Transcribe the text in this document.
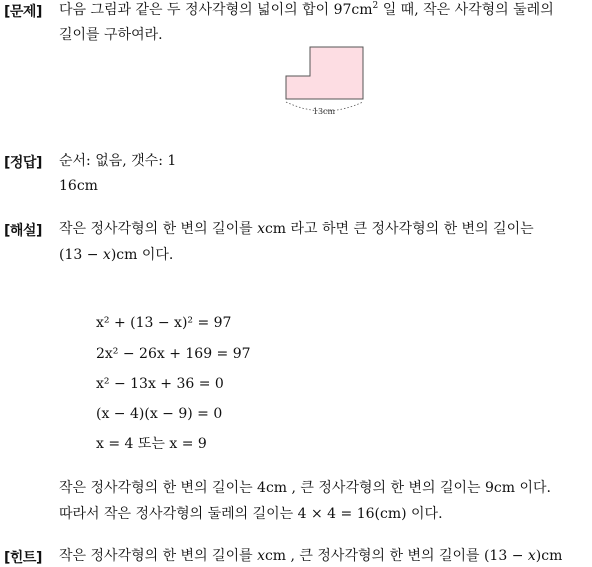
[문제] 다음 그림과 같은 두 정사각형의 넓이의 합이 $97cm^2$ 일 때, 작은 사각형의 둘레의
길이를 구하여라.
13cm
[정답] 순서: 없음, 갯수: 1
16cm
[해설] 작은 정사각형의 한 변의 길이를 xcm 라고 하면 큰 정사각형의 한 변의 길이는
(13 − x)cm 이다.
x² + (13 − x)² = 97
2x² − 26x + 169 = 97
x² − 13x + 36 = 0
(x − 4)(x − 9) = 0
x = 4 또는 x = 9
작은 정사각형의 한 변의 길이는 4cm , 큰 정사각형의 한 변의 길이는 9cm 이다.
따라서 작은 정사각형의 둘레의 길이는 4 × 4 = 16(cm) 이다.
[힌트] 작은 정사각형의 한 변의 길이를 xcm , 큰 정사각형의 한 변의 길이를 (13 − x)cm
